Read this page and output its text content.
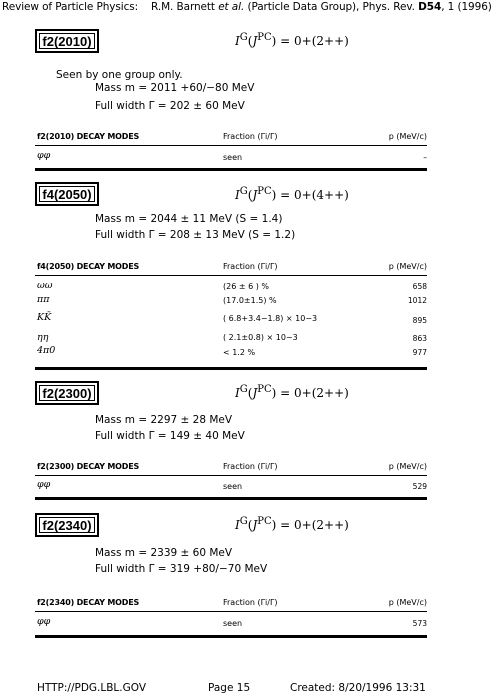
Review of Particle Physics: R.M. Barnett et al. (Particle Data Group), Phys. Rev. D54, 1 (1996)
f2(2010)	$I^G(J^{PC}) = 0+(2++)$
Seen by one group only.
Mass m = 2011 +60/−80 MeV
Full width Γ = 202 ± 60 MeV
f2(2010) DECAY MODES	Fraction (Γi/Γ)	p (MeV/c)
φφ	seen	–
f4(2050)	$I^G(J^{PC}) = 0+(4++)$
Mass m = 2044 ± 11 MeV (S = 1.4)
Full width Γ = 208 ± 13 MeV (S = 1.2)
f4(2050) DECAY MODES	Fraction (Γi/Γ)	p (MeV/c)
ωω	(26 ± 6 ) %	658
ππ	(17.0±1.5) %	1012
KK̄	( 6.8+3.4−1.8) × 10−3	895
ηη	( 2.1±0.8) × 10−3	863
4π0	< 1.2 %	977
f2(2300)	$I^G(J^{PC}) = 0+(2++)$
Mass m = 2297 ± 28 MeV
Full width Γ = 149 ± 40 MeV
f2(2300) DECAY MODES	Fraction (Γi/Γ)	p (MeV/c)
φφ	seen	529
f2(2340)	$I^G(J^{PC}) = 0+(2++)$
Mass m = 2339 ± 60 MeV
Full width Γ = 319 +80/−70 MeV
f2(2340) DECAY MODES	Fraction (Γi/Γ)	p (MeV/c)
φφ	seen	573
HTTP://PDG.LBL.GOV	Page 15	Created: 8/20/1996 13:31
